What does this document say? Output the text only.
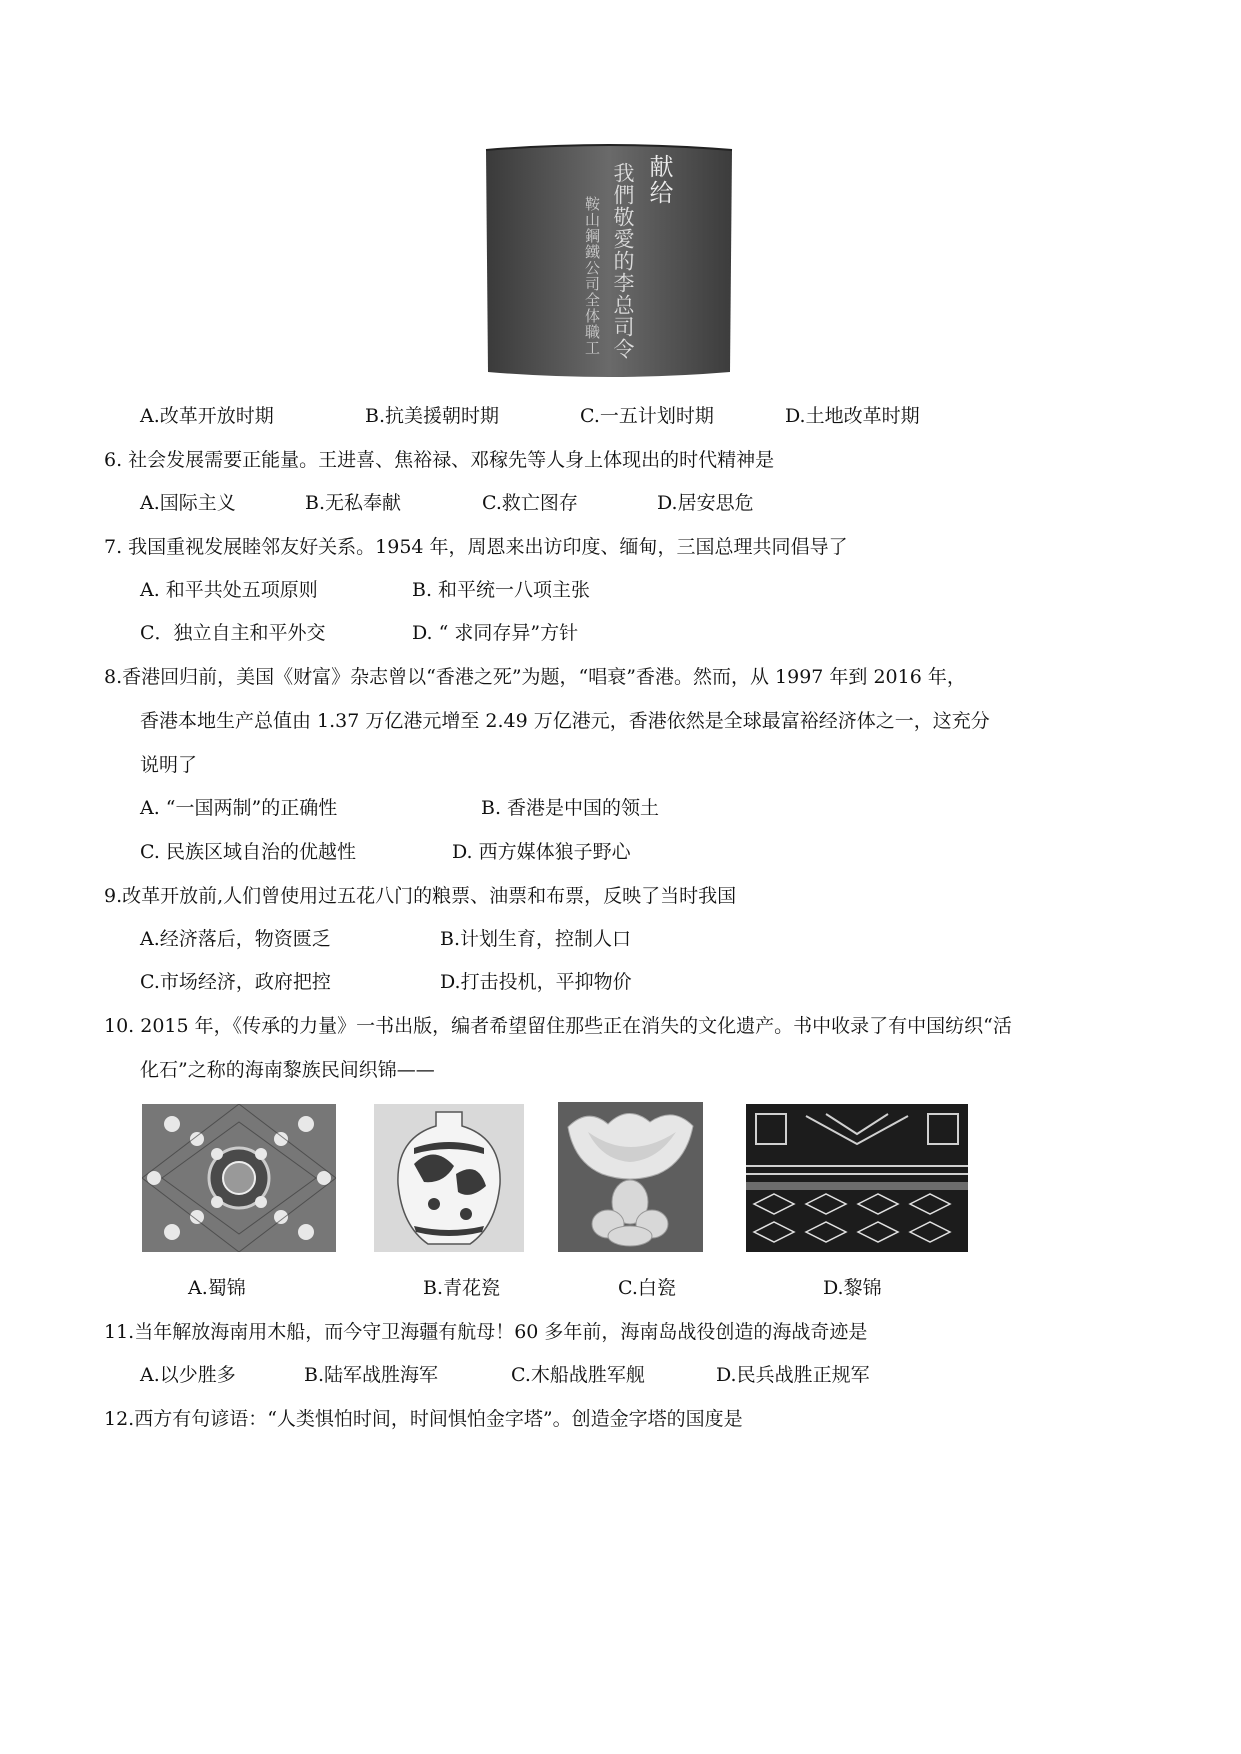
献给
我們敬愛的李总司令
鞍山鋼鐵公司全体職工
A.改革开放时期	B.抗美援朝时期	C.一五计划时期	D.土地改革时期
6. 社会发展需要正能量。王进喜、焦裕禄、邓稼先等人身上体现出的时代精神是
A.国际主义	B.无私奉献	C.救亡图存	D.居安思危
7. 我国重视发展睦邻友好关系。1954 年，周恩来出访印度、缅甸，三国总理共同倡导了
A. 和平共处五项原则	B. 和平统一八项主张
C．独立自主和平外交	D. “ 求同存异”方针
8.香港回归前，美国《财富》杂志曾以“香港之死”为题，“唱衰”香港。然而，从 1997 年到 2016 年，
香港本地生产总值由 1.37 万亿港元增至 2.49 万亿港元，香港依然是全球最富裕经济体之一，这充分
说明了
A. “一国两制”的正确性	B. 香港是中国的领土
C. 民族区域自治的优越性	D. 西方媒体狼子野心
9.改革开放前,人们曾使用过五花八门的粮票、油票和布票，反映了当时我国
A.经济落后，物资匮乏	B.计划生育，控制人口
C.市场经济，政府把控	D.打击投机，平抑物价
10. 2015 年，《传承的力量》一书出版，编者希望留住那些正在消失的文化遗产。书中收录了有中国纺织“活
化石”之称的海南黎族民间织锦——
A.蜀锦	B.青花瓷	C.白瓷	D.黎锦
11.当年解放海南用木船，而今守卫海疆有航母！60 多年前，海南岛战役创造的海战奇迹是
A.以少胜多	B.陆军战胜海军	C.木船战胜军舰	D.民兵战胜正规军
12.西方有句谚语：“人类惧怕时间，时间惧怕金字塔”。创造金字塔的国度是
